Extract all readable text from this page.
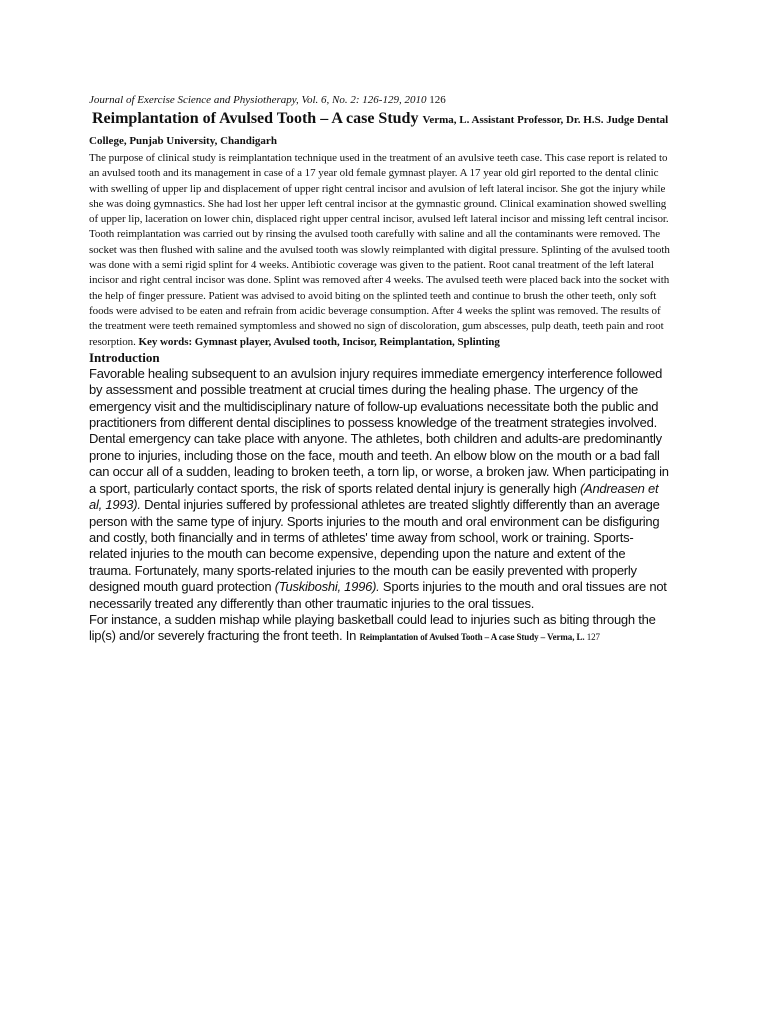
Journal of Exercise Science and Physiotherapy, Vol. 6, No. 2: 126-129, 2010 126

Reimplantation of Avulsed Tooth – A case Study Verma, L. Assistant Professor, Dr. H.S. Judge Dental College, Punjab University, Chandigarh

The purpose of clinical study is reimplantation technique used in the treatment of an avulsive teeth case. This case report is related to an avulsed tooth and its management in case of a 17 year old female gymnast player. A 17 year old girl reported to the dental clinic with swelling of upper lip and displacement of upper right central incisor and avulsion of left lateral incisor. She got the injury while she was doing gymnastics. She had lost her upper left central incisor at the gymnastic ground. Clinical examination showed swelling of upper lip, laceration on lower chin, displaced right upper central incisor, avulsed left lateral incisor and missing left central incisor. Tooth reimplantation was carried out by rinsing the avulsed tooth carefully with saline and all the contaminants were removed. The socket was then flushed with saline and the avulsed tooth was slowly reimplanted with digital pressure. Splinting of the avulsed tooth was done with a semi rigid splint for 4 weeks. Antibiotic coverage was given to the patient. Root canal treatment of the left lateral incisor and right central incisor was done. Splint was removed after 4 weeks. The avulsed teeth were placed back into the socket with the help of finger pressure. Patient was advised to avoid biting on the splinted teeth and continue to brush the other teeth, only soft foods were advised to be eaten and refrain from acidic beverage consumption. After 4 weeks the splint was removed. The results of the treatment were teeth remained symptomless and showed no sign of discoloration, gum abscesses, pulp death, teeth pain and root resorption. Key words: Gymnast player, Avulsed tooth, Incisor, Reimplantation, Splinting

Introduction

Favorable healing subsequent to an avulsion injury requires immediate emergency interference followed by assessment and possible treatment at crucial times during the healing phase. The urgency of the emergency visit and the multidisciplinary nature of follow-up evaluations necessitate both the public and practitioners from different dental disciplines to possess knowledge of the treatment strategies involved. Dental emergency can take place with anyone. The athletes, both children and adults-are predominantly prone to injuries, including those on the face, mouth and teeth. An elbow blow on the mouth or a bad fall can occur all of a sudden, leading to broken teeth, a torn lip, or worse, a broken jaw. When participating in a sport, particularly contact sports, the risk of sports related dental injury is generally high (Andreasen et al, 1993). Dental injuries suffered by professional athletes are treated slightly differently than an average person with the same type of injury. Sports injuries to the mouth and oral environment can be disfiguring and costly, both financially and in terms of athletes' time away from school, work or training. Sports-related injuries to the mouth can become expensive, depending upon the nature and extent of the trauma. Fortunately, many sports-related injuries to the mouth can be easily prevented with properly designed mouth guard protection (Tuskiboshi, 1996). Sports injuries to the mouth and oral tissues are not necessarily treated any differently than other traumatic injuries to the oral tissues.

For instance, a sudden mishap while playing basketball could lead to injuries such as biting through the lip(s) and/or severely fracturing the front teeth. In Reimplantation of Avulsed Tooth – A case Study – Verma, L. 127
